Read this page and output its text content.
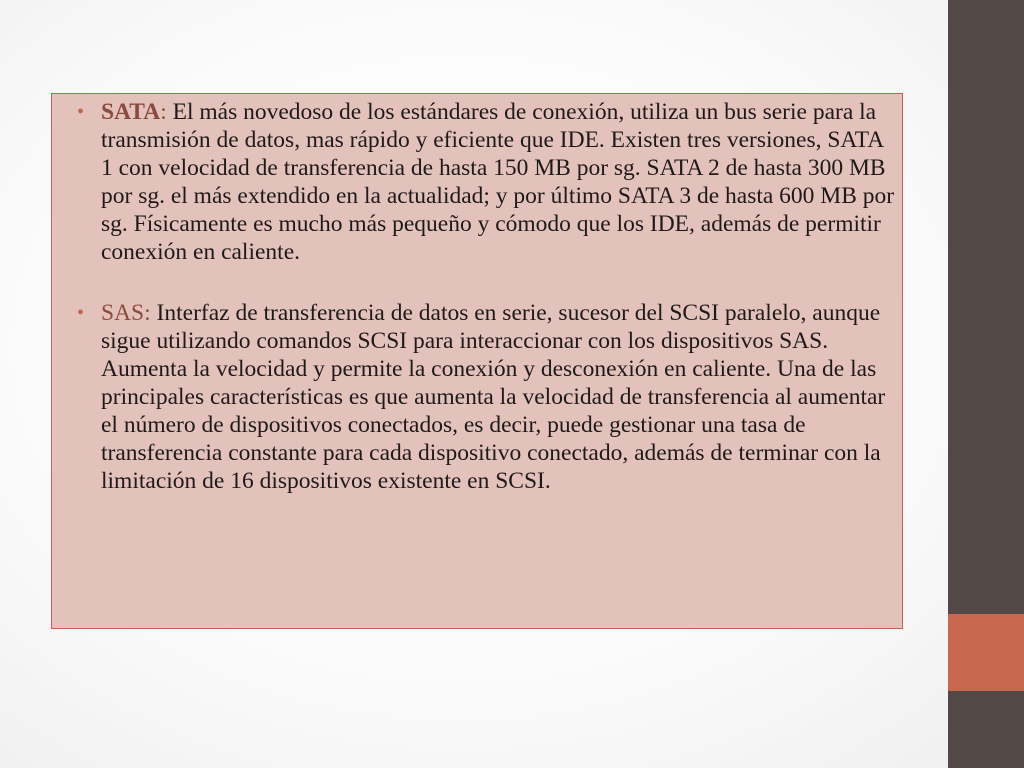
• SATA: El más novedoso de los estándares de conexión, utiliza un bus serie para la transmisión de datos, mas rápido y eficiente que IDE. Existen tres versiones, SATA 1 con velocidad de transferencia de hasta 150 MB por sg. SATA 2 de hasta 300 MB por sg. el más extendido en la actualidad; y por último SATA 3 de hasta 600 MB por sg. Físicamente es mucho más pequeño y cómodo que los IDE, además de permitir conexión en caliente.
• SAS: Interfaz de transferencia de datos en serie, sucesor del SCSI paralelo, aunque sigue utilizando comandos SCSI para interaccionar con los dispositivos SAS. Aumenta la velocidad y permite la conexión y desconexión en caliente. Una de las principales características es que aumenta la velocidad de transferencia al aumentar el número de dispositivos conectados, es decir, puede gestionar una tasa de transferencia constante para cada dispositivo conectado, además de terminar con la limitación de 16 dispositivos existente en SCSI.
